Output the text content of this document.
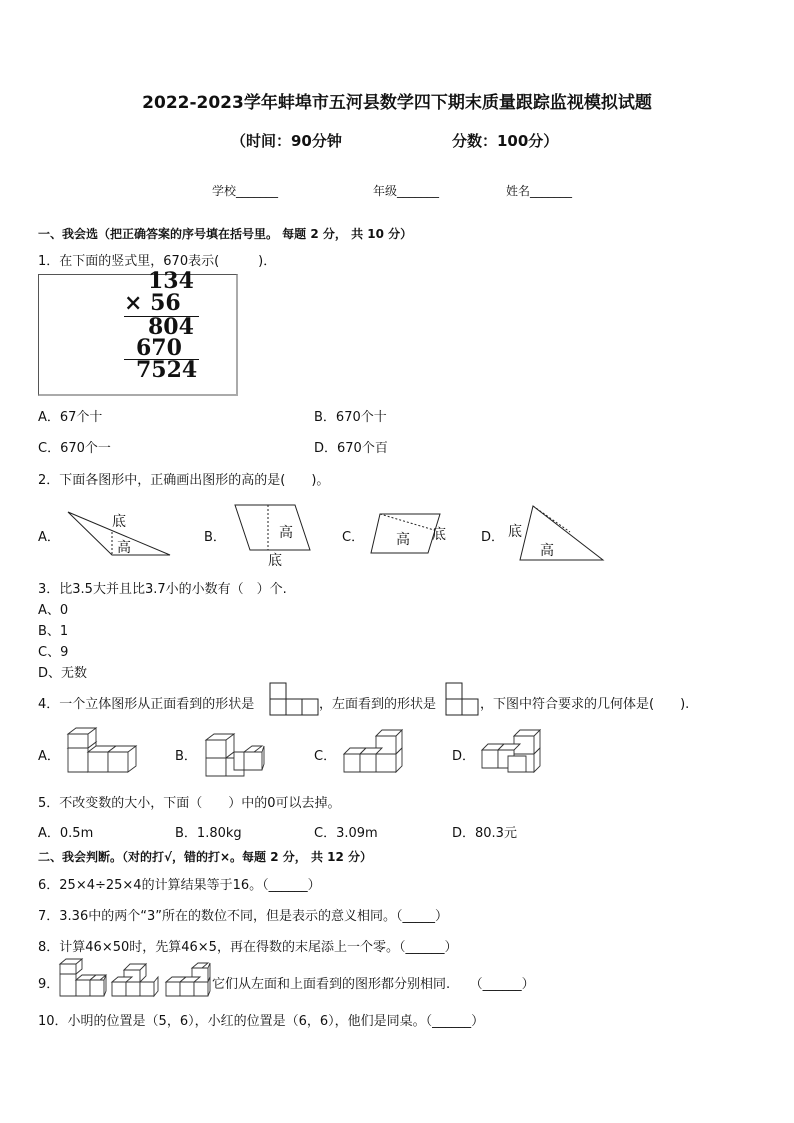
2022-2023学年蚌埠市五河县数学四下期末质量跟踪监视模拟试题
（时间：90分钟	分数：100分）
学校_______	年级_______	姓名_______
一、我会选（把正确答案的序号填在括号里。 每题 2 分， 共 10 分）
1．在下面的竖式里，670表示(　　　)．
134
× 56
804
670
7524
A．67个十	B．670个十
C．670个一	D．670个百
2．下面各图形中，正确画出图形的高的是(　　)。
A．	B．	C．	D．
底
高
高
底
高 底	底
高
3．比3.5大并且比3.7小的小数有（　）个.
A、0
B、1
C、9
D、无数
4．一个立体图形从正面看到的形状是	，左面看到的形状是	，下图中符合要求的几何体是(　　).
A．	B．	C．	D．
5．不改变数的大小，下面（　　）中的0可以去掉。
A．0.5m	B．1.80kg	C．3.09m	D．80.3元
二、我会判断。（对的打√，错的打×。每题 2 分， 共 12 分）
6．25×4÷25×4的计算结果等于16。（______）
7．3.36中的两个“3”所在的数位不同，但是表示的意义相同。（_____）
8．计算46×50时，先算46×5，再在得数的末尾添上一个零。（______）
9．	它们从左面和上面看到的图形都分别相同.　　（______）
10．小明的位置是（5，6），小红的位置是（6，6），他们是同桌。（______）
